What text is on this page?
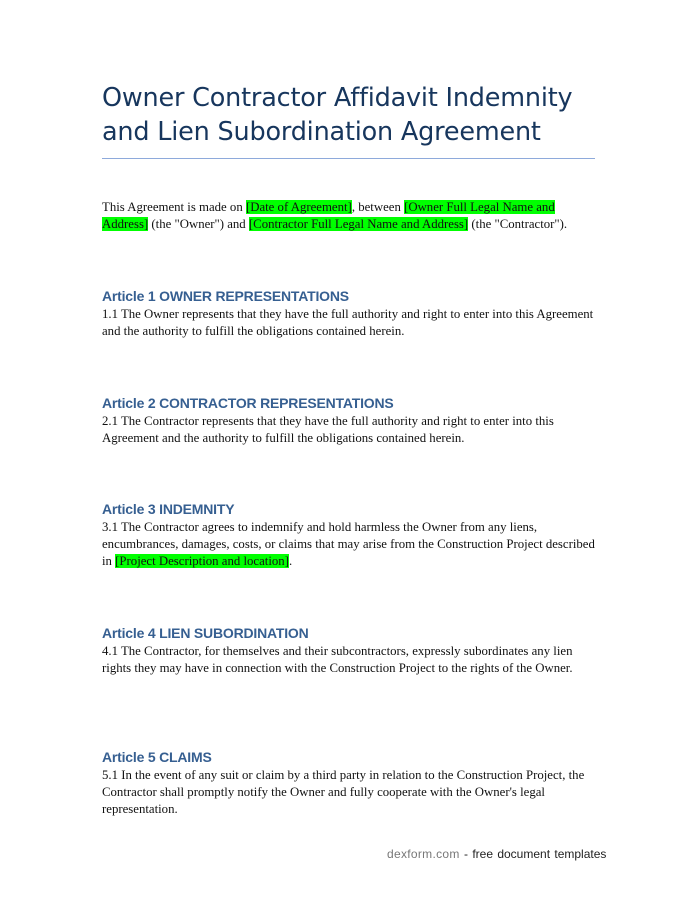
Owner Contractor Affidavit Indemnity
and Lien Subordination Agreement

This Agreement is made on [Date of Agreement], between [Owner Full Legal Name and Address] (the "Owner") and [Contractor Full Legal Name and Address] (the "Contractor").

Article 1 OWNER REPRESENTATIONS

1.1 The Owner represents that they have the full authority and right to enter into this Agreement and the authority to fulfill the obligations contained herein.

Article 2 CONTRACTOR REPRESENTATIONS

2.1 The Contractor represents that they have the full authority and right to enter into this Agreement and the authority to fulfill the obligations contained herein.

Article 3 INDEMNITY

3.1 The Contractor agrees to indemnify and hold harmless the Owner from any liens, encumbrances, damages, costs, or claims that may arise from the Construction Project described in [Project Description and location].

Article 4 LIEN SUBORDINATION

4.1 The Contractor, for themselves and their subcontractors, expressly subordinates any lien rights they may have in connection with the Construction Project to the rights of the Owner.

Article 5 CLAIMS

5.1 In the event of any suit or claim by a third party in relation to the Construction Project, the Contractor shall promptly notify the Owner and fully cooperate with the Owner's legal representation.

dexform.com - free document templates
